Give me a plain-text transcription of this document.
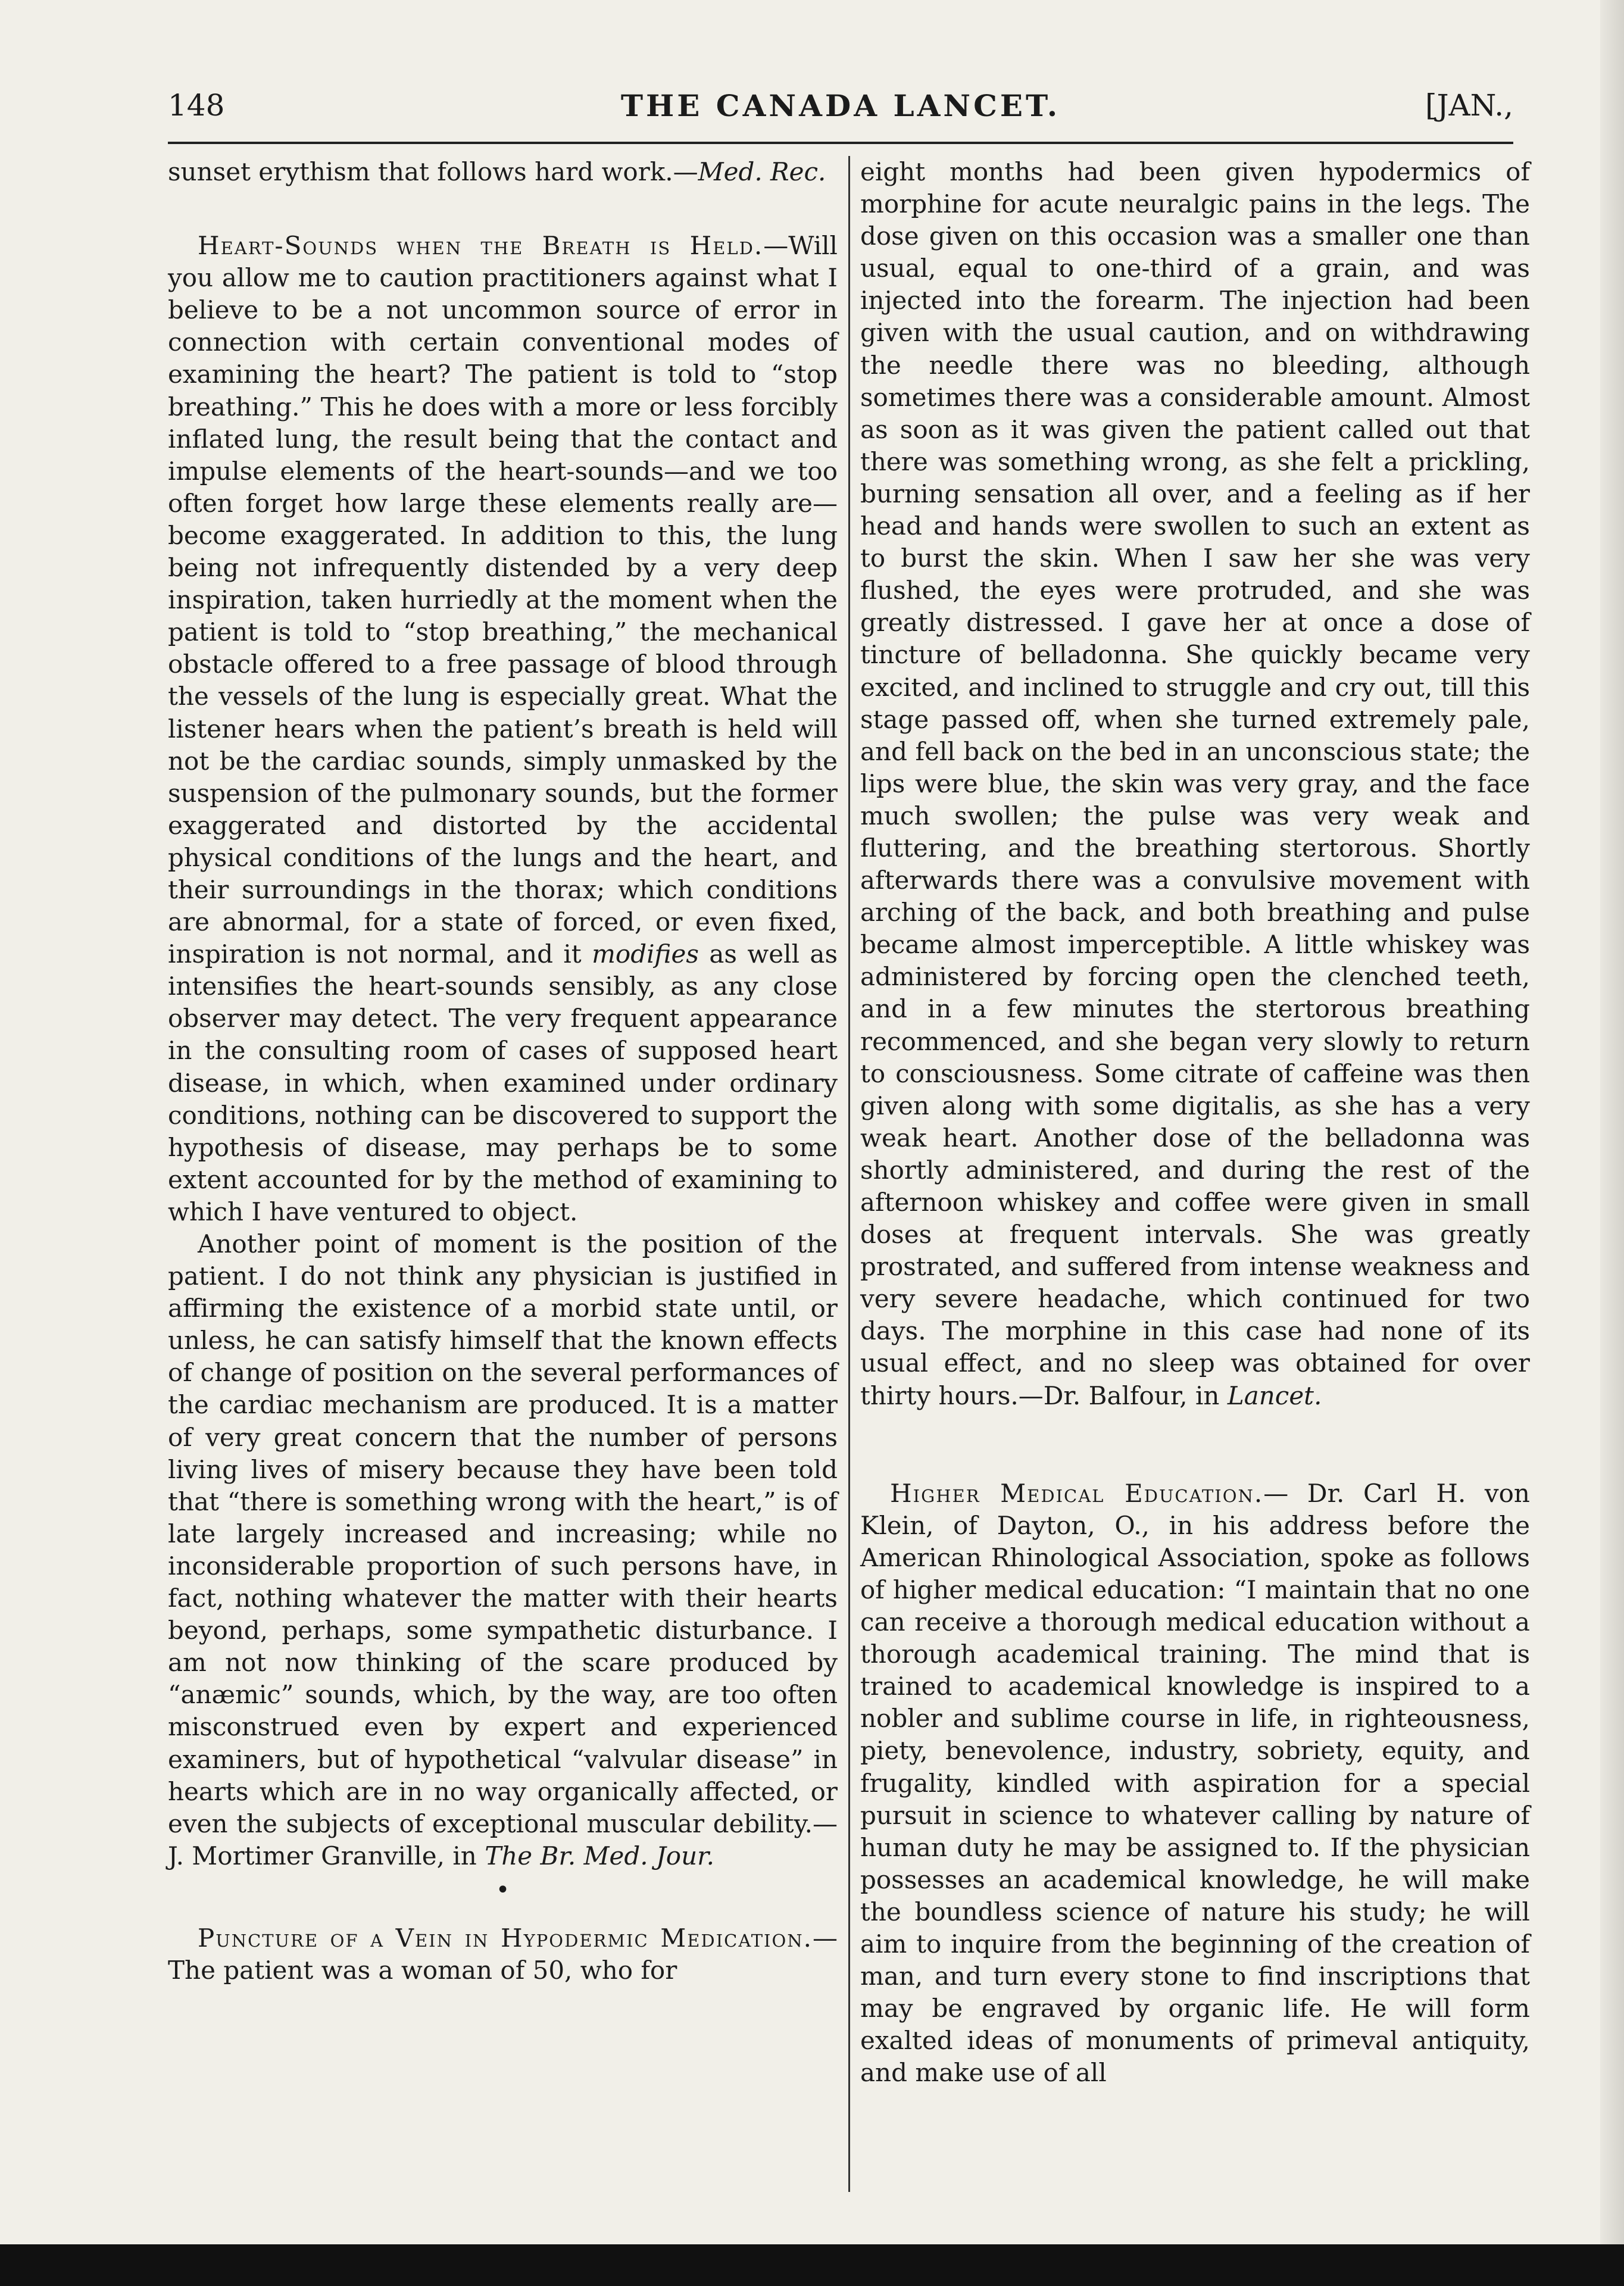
148	THE CANADA LANCET.	[JAN.,

sunset erythism that follows hard work.—Med. Rec.

Heart-Sounds when the Breath is Held.—Will you allow me to caution practitioners against what I believe to be a not uncommon source of error in connection with certain conventional modes of examining the heart? The patient is told to “stop breathing.” This he does with a more or less forcibly inflated lung, the result being that the contact and impulse elements of the heart-sounds—and we too often forget how large these elements really are—become exaggerated. In addition to this, the lung being not infrequently distended by a very deep inspiration, taken hurriedly at the moment when the patient is told to “stop breathing,” the mechanical obstacle offered to a free passage of blood through the vessels of the lung is especially great. What the listener hears when the patient’s breath is held will not be the cardiac sounds, simply unmasked by the suspension of the pulmonary sounds, but the former exaggerated and distorted by the accidental physical conditions of the lungs and the heart, and their surroundings in the thorax; which conditions are abnormal, for a state of forced, or even fixed, inspiration is not normal, and it modifies as well as intensifies the heart-sounds sensibly, as any close observer may detect. The very frequent appearance in the consulting room of cases of supposed heart disease, in which, when examined under ordinary conditions, nothing can be discovered to support the hypothesis of disease, may perhaps be to some extent accounted for by the method of examining to which I have ventured to object.

Another point of moment is the position of the patient. I do not think any physician is justified in affirming the existence of a morbid state until, or unless, he can satisfy himself that the known effects of change of position on the several performances of the cardiac mechanism are produced. It is a matter of very great concern that the number of persons living lives of misery because they have been told that “there is something wrong with the heart,” is of late largely increased and increasing; while no inconsiderable proportion of such persons have, in fact, nothing whatever the matter with their hearts beyond, perhaps, some sympathetic disturbance. I am not now thinking of the scare produced by “anæmic” sounds, which, by the way, are too often misconstrued even by expert and experienced examiners, but of hypothetical “valvular disease” in hearts which are in no way organically affected, or even the subjects of exceptional muscular debility.—J. Mortimer Granville, in The Br. Med. Jour.

•

Puncture of a Vein in Hypodermic Medication.—The patient was a woman of 50, who for

eight months had been given hypodermics of morphine for acute neuralgic pains in the legs. The dose given on this occasion was a smaller one than usual, equal to one-third of a grain, and was injected into the forearm. The injection had been given with the usual caution, and on withdrawing the needle there was no bleeding, although sometimes there was a considerable amount. Almost as soon as it was given the patient called out that there was something wrong, as she felt a prickling, burning sensation all over, and a feeling as if her head and hands were swollen to such an extent as to burst the skin. When I saw her she was very flushed, the eyes were protruded, and she was greatly distressed. I gave her at once a dose of tincture of belladonna. She quickly became very excited, and inclined to struggle and cry out, till this stage passed off, when she turned extremely pale, and fell back on the bed in an unconscious state; the lips were blue, the skin was very gray, and the face much swollen; the pulse was very weak and fluttering, and the breathing stertorous. Shortly afterwards there was a convulsive movement with arching of the back, and both breathing and pulse became almost imperceptible. A little whiskey was administered by forcing open the clenched teeth, and in a few minutes the stertorous breathing recommenced, and she began very slowly to return to consciousness. Some citrate of caffeine was then given along with some digitalis, as she has a very weak heart. Another dose of the belladonna was shortly administered, and during the rest of the afternoon whiskey and coffee were given in small doses at frequent intervals. She was greatly prostrated, and suffered from intense weakness and very severe headache, which continued for two days. The morphine in this case had none of its usual effect, and no sleep was obtained for over thirty hours.—Dr. Balfour, in Lancet.

Higher Medical Education.— Dr. Carl H. von Klein, of Dayton, O., in his address before the American Rhinological Association, spoke as follows of higher medical education: “I maintain that no one can receive a thorough medical education without a thorough academical training. The mind that is trained to academical knowledge is inspired to a nobler and sublime course in life, in righteousness, piety, benevolence, industry, sobriety, equity, and frugality, kindled with aspiration for a special pursuit in science to whatever calling by nature of human duty he may be assigned to. If the physician possesses an academical knowledge, he will make the boundless science of nature his study; he will aim to inquire from the beginning of the creation of man, and turn every stone to find inscriptions that may be engraved by organic life. He will form exalted ideas of monuments of primeval antiquity, and make use of all
